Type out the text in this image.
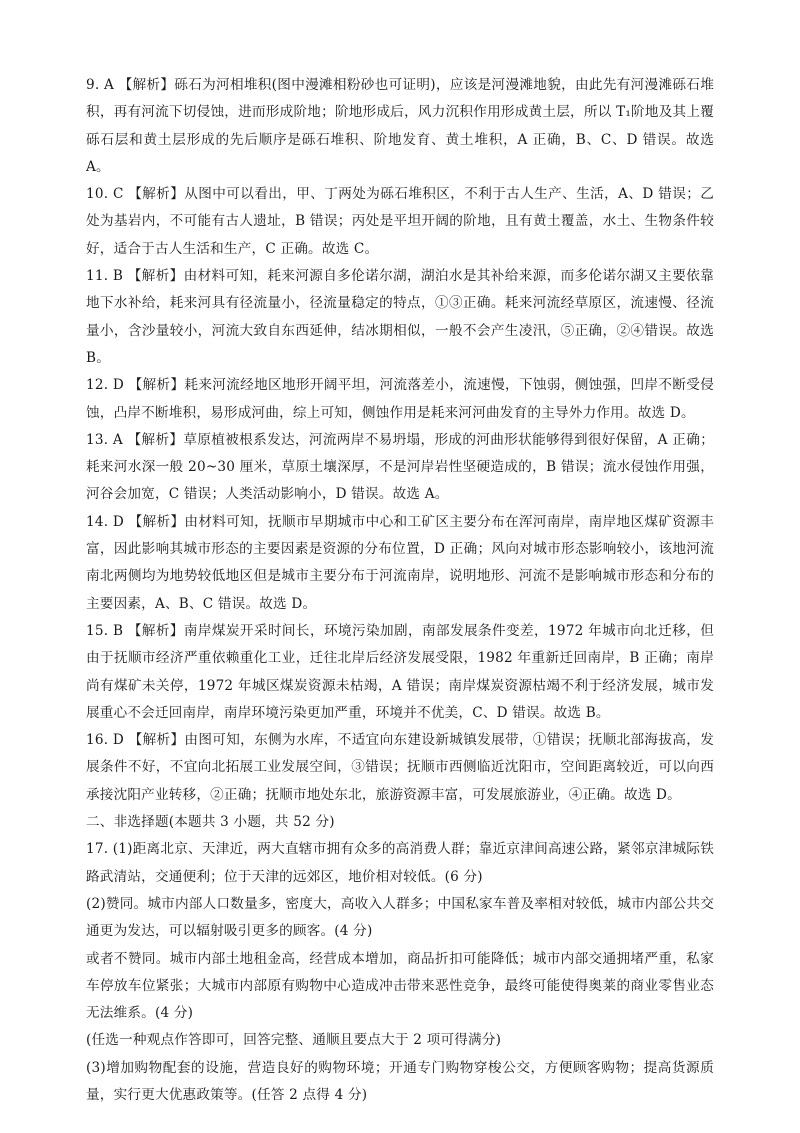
9. A 【解析】砾石为河相堆积(图中漫滩相粉砂也可证明)，应该是河漫滩地貌，由此先有河漫滩砾石堆积，再有河流下切侵蚀，进而形成阶地；阶地形成后，风力沉积作用形成黄土层，所以 T₁阶地及其上覆砾石层和黄土层形成的先后顺序是砾石堆积、阶地发育、黄土堆积，A 正确，B、C、D 错误。故选 A。

10. C 【解析】从图中可以看出，甲、丁两处为砾石堆积区，不利于古人生产、生活，A、D 错误；乙处为基岩内，不可能有古人遗址，B 错误；丙处是平坦开阔的阶地，且有黄土覆盖，水土、生物条件较好，适合于古人生活和生产，C 正确。故选 C。

11. B 【解析】由材料可知，耗来河源自多伦诺尔湖，湖泊水是其补给来源，而多伦诺尔湖又主要依靠地下水补给，耗来河具有径流量小，径流量稳定的特点，①③正确。耗来河流经草原区，流速慢、径流量小，含沙量较小，河流大致自东西延伸，结冰期相似，一般不会产生凌汛，⑤正确，②④错误。故选 B。

12. D 【解析】耗来河流经地区地形开阔平坦，河流落差小，流速慢，下蚀弱，侧蚀强，凹岸不断受侵蚀，凸岸不断堆积，易形成河曲，综上可知，侧蚀作用是耗来河河曲发育的主导外力作用。故选 D。

13. A 【解析】草原植被根系发达，河流两岸不易坍塌，形成的河曲形状能够得到很好保留，A 正确；耗来河水深一般 20~30 厘米，草原土壤深厚，不是河岸岩性坚硬造成的，B 错误；流水侵蚀作用强，河谷会加宽，C 错误；人类活动影响小，D 错误。故选 A。

14. D 【解析】由材料可知，抚顺市早期城市中心和工矿区主要分布在浑河南岸，南岸地区煤矿资源丰富，因此影响其城市形态的主要因素是资源的分布位置，D 正确；风向对城市形态影响较小，该地河流南北两侧均为地势较低地区但是城市主要分布于河流南岸，说明地形、河流不是影响城市形态和分布的主要因素，A、B、C 错误。故选 D。

15. B 【解析】南岸煤炭开采时间长，环境污染加剧，南部发展条件变差，1972 年城市向北迁移，但由于抚顺市经济严重依赖重化工业，迁往北岸后经济发展受限，1982 年重新迁回南岸，B 正确；南岸尚有煤矿未关停，1972 年城区煤炭资源未枯竭，A 错误；南岸煤炭资源枯竭不利于经济发展，城市发展重心不会迁回南岸，南岸环境污染更加严重，环境并不优美，C、D 错误。故选 B。

16. D 【解析】由图可知，东侧为水库，不适宜向东建设新城镇发展带，①错误；抚顺北部海拔高，发展条件不好，不宜向北拓展工业发展空间，③错误；抚顺市西侧临近沈阳市，空间距离较近，可以向西承接沈阳产业转移，②正确；抚顺市地处东北，旅游资源丰富，可发展旅游业，④正确。故选 D。

二、非选择题(本题共 3 小题，共 52 分)

17. (1)距离北京、天津近，两大直辖市拥有众多的高消费人群；靠近京津间高速公路，紧邻京津城际铁路武清站，交通便利；位于天津的远郊区，地价相对较低。(6 分)

(2)赞同。城市内部人口数量多，密度大，高收入人群多；中国私家车普及率相对较低，城市内部公共交通更为发达，可以辐射吸引更多的顾客。(4 分)

或者不赞同。城市内部土地租金高，经营成本增加，商品折扣可能降低；城市内部交通拥堵严重，私家车停放车位紧张；大城市内部原有购物中心造成冲击带来恶性竞争，最终可能使得奥莱的商业零售业态无法维系。(4 分)

(任选一种观点作答即可，回答完整、通顺且要点大于 2 项可得满分)

(3)增加购物配套的设施，营造良好的购物环境；开通专门购物穿梭公交，方便顾客购物；提高货源质量，实行更大优惠政策等。(任答 2 点得 4 分)
